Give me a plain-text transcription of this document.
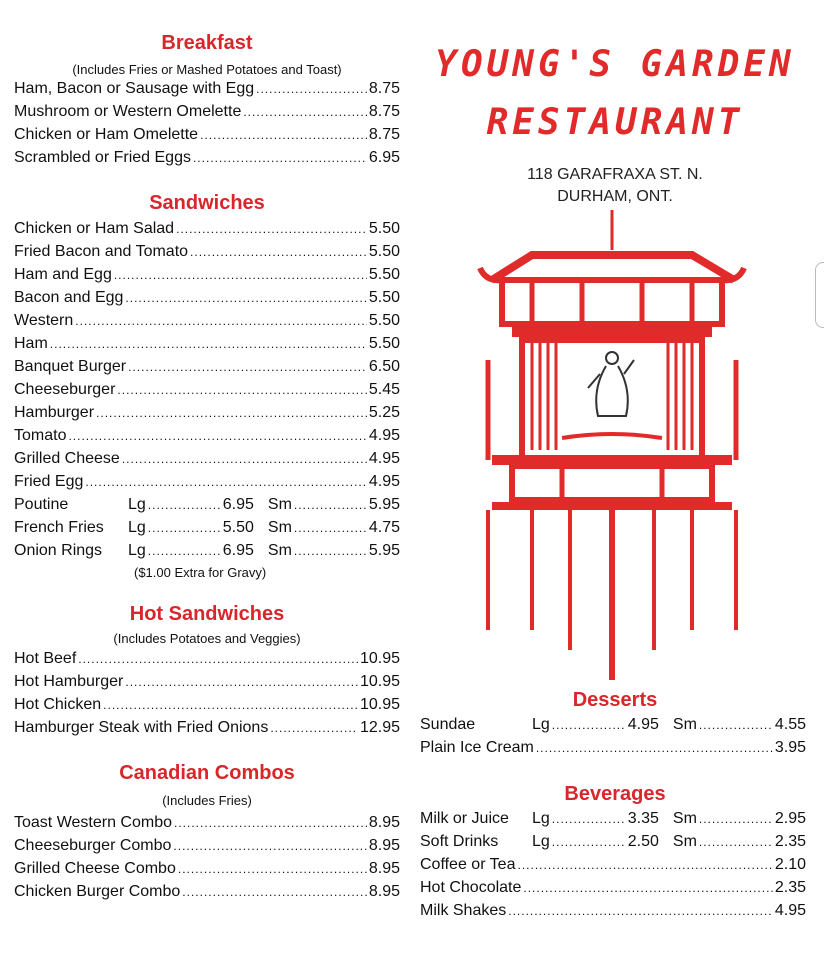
Breakfast
(Includes Fries or Mashed Potatoes and Toast)
Ham, Bacon or Sausage with Egg .....	8.75
Mushroom or Western Omelette .....	8.75
Chicken or Ham Omelette .....	8.75
Scrambled or Fried Eggs .....	6.95
Sandwiches
Chicken or Ham Salad .....	5.50
Fried Bacon and Tomato .....	5.50
Ham and Egg .....	5.50
Bacon and Egg .....	5.50
Western .....	5.50
Ham .....	5.50
Banquet Burger .....	6.50
Cheeseburger .....	5.45
Hamburger .....	5.25
Tomato .....	4.95
Grilled Cheese .....	4.95
Fried Egg .....	4.95
Poutine	Lg .....	6.95 Sm .....	5.95
French Fries	Lg .....	5.50 Sm .....	4.75
Onion Rings	Lg .....	6.95 Sm .....	5.95
($1.00 Extra for Gravy)
Hot Sandwiches
(Includes Potatoes and Veggies)
Hot Beef .....	10.95
Hot Hamburger .....	10.95
Hot Chicken .....	10.95
Hamburger Steak with Fried Onions .....	12.95
Canadian Combos
(Includes Fries)
Toast Western Combo .....	8.95
Cheeseburger Combo .....	8.95
Grilled Cheese Combo .....	8.95
Chicken Burger Combo .....	8.95
YOUNG'S GARDEN
RESTAURANT
118 GARAFRAXA ST. N.
DURHAM, ONT.
Desserts
Sundae	Lg .....	4.95 Sm .....	4.55
Plain Ice Cream .....	3.95
Beverages
Milk or Juice	Lg .....	3.35 Sm .....	2.95
Soft Drinks	Lg .....	2.50 Sm .....	2.35
Coffee or Tea .....	2.10
Hot Chocolate .....	2.35
Milk Shakes .....	4.95
